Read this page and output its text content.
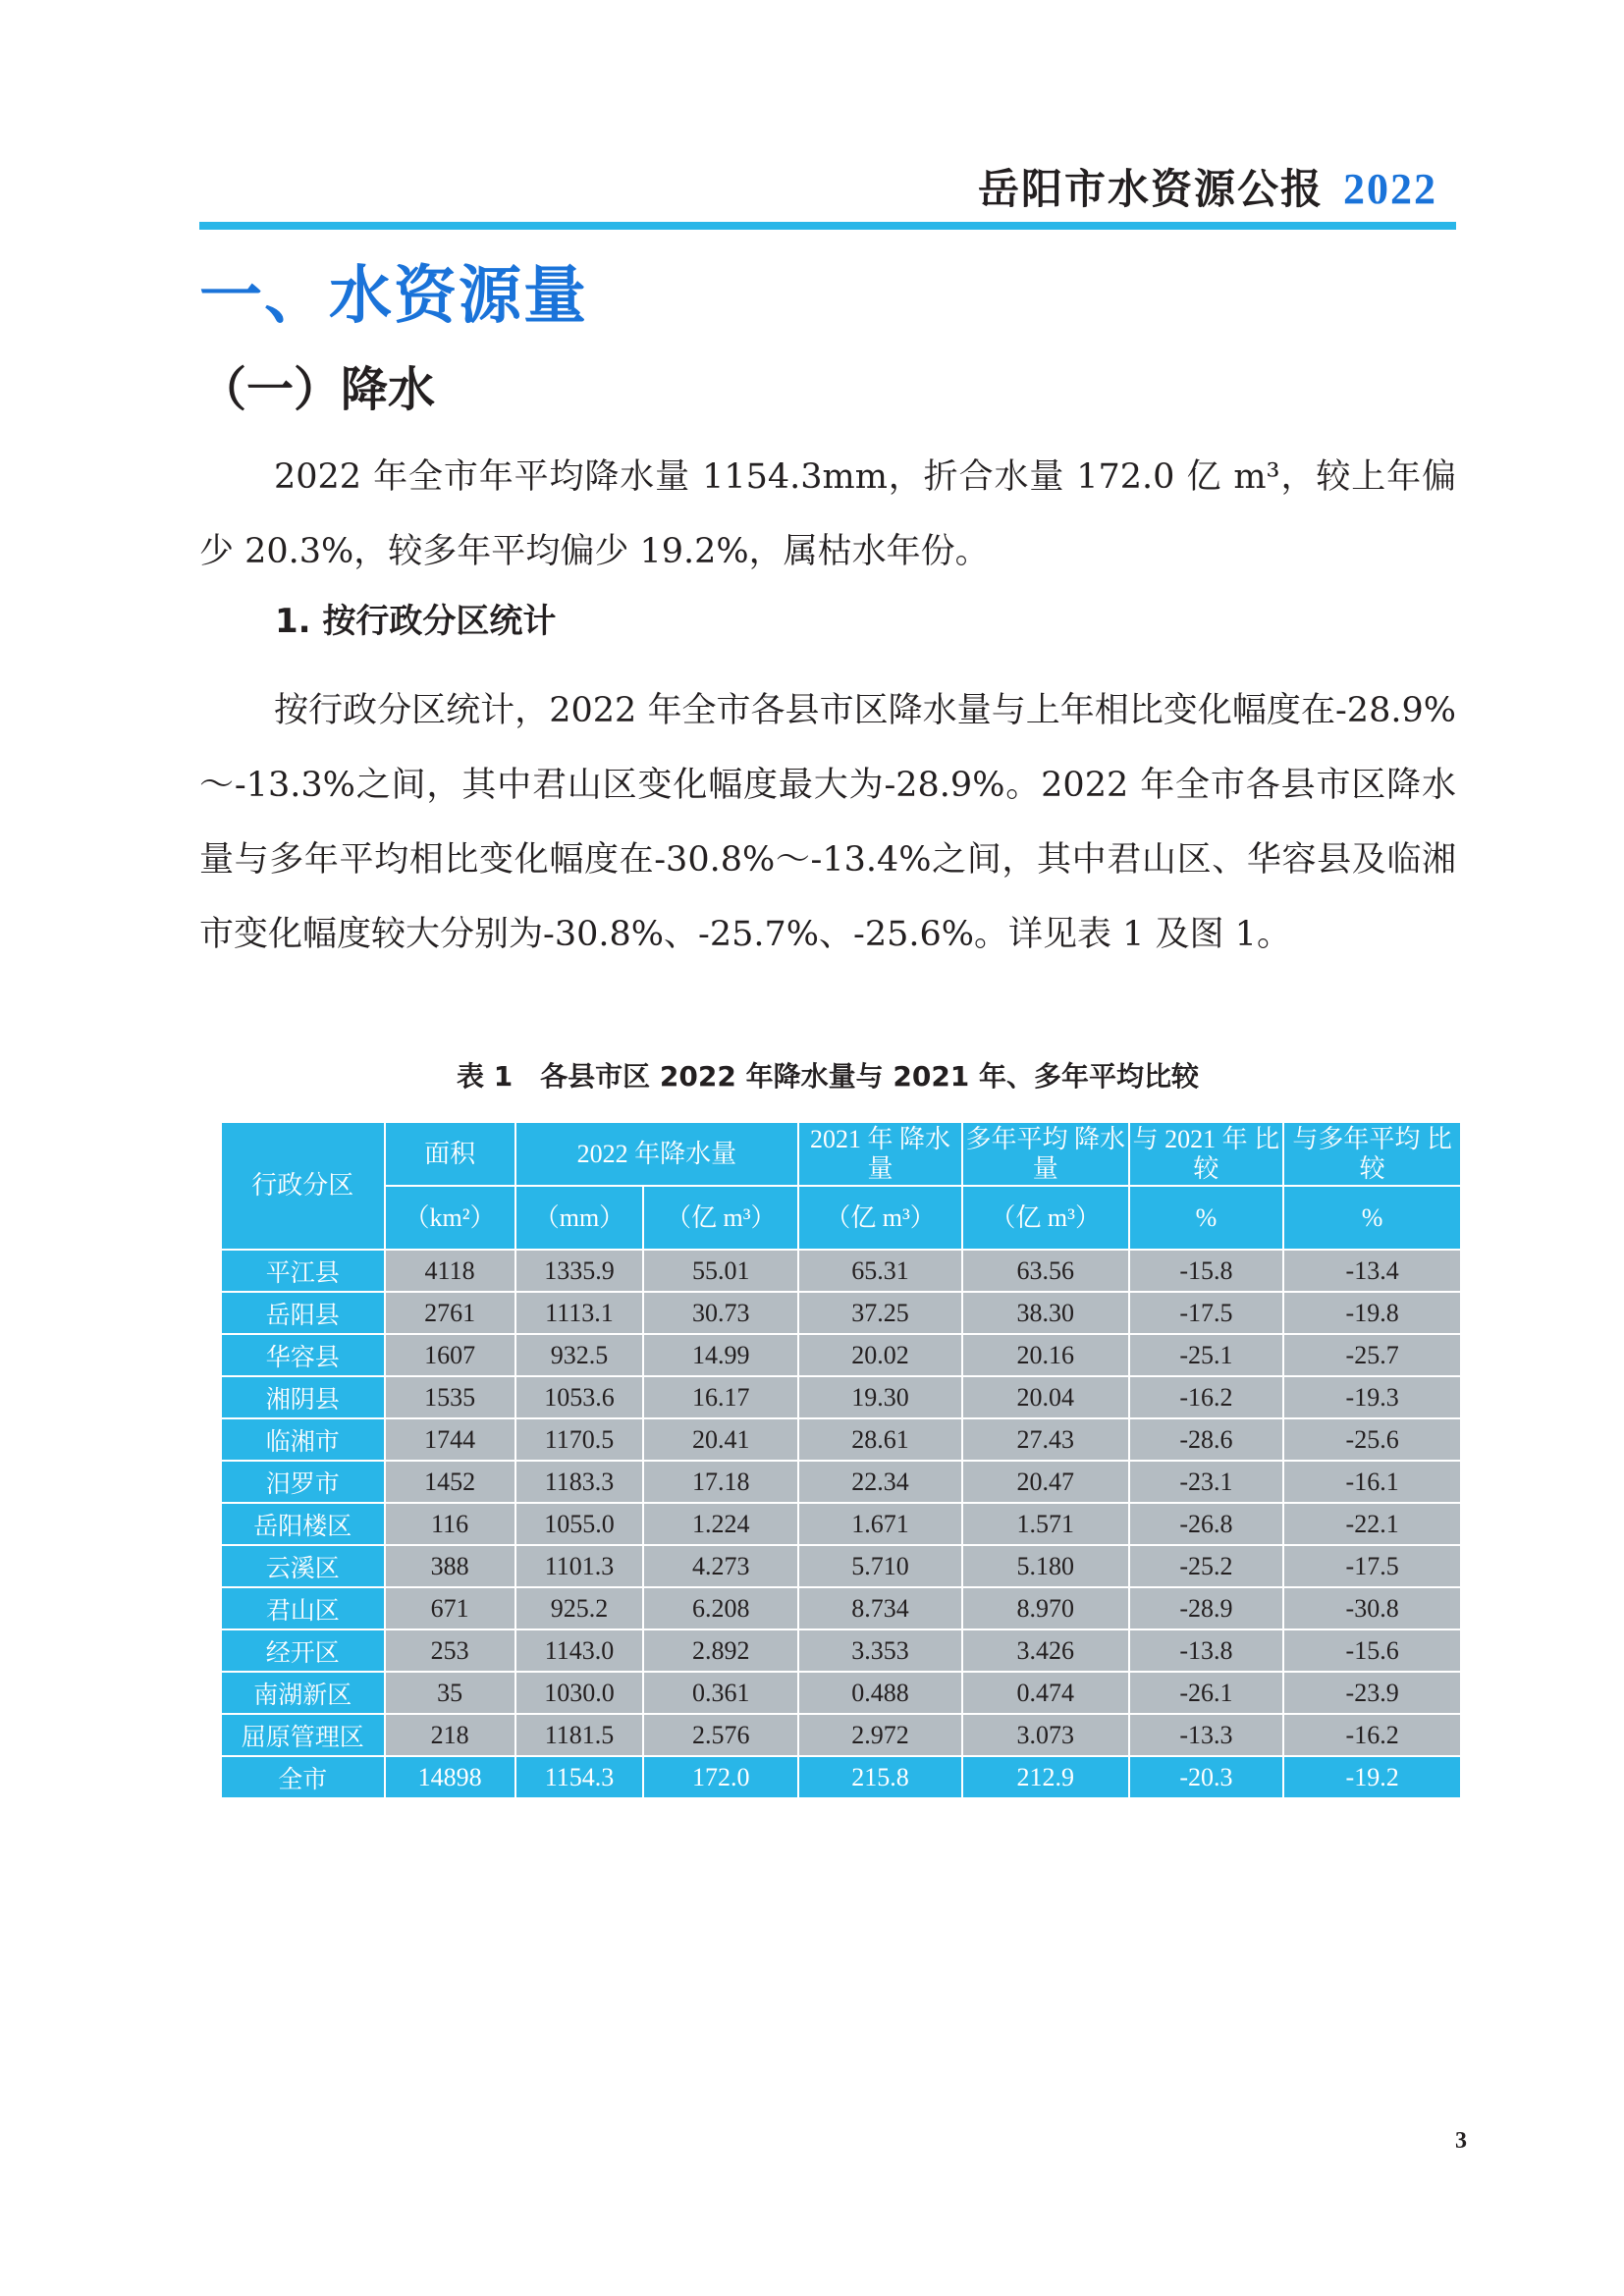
岳阳市水资源公报 2022
一、水资源量
（一）降水

2022 年全市年平均降水量 1154.3mm，折合水量 172.0 亿 m³，较上年偏少 20.3%，较多年平均偏少 19.2%，属枯水年份。

1. 按行政分区统计

按行政分区统计，2022 年全市各县市区降水量与上年相比变化幅度在-28.9%～-13.3%之间，其中君山区变化幅度最大为-28.9%。2022 年全市各县市区降水量与多年平均相比变化幅度在-30.8%～-13.4%之间，其中君山区、华容县及临湘市变化幅度较大分别为-30.8%、-25.7%、-25.6%。详见表 1 及图 1。

表 1　各县市区 2022 年降水量与 2021 年、多年平均比较
行政分区	面积	2022 年降水量		2021 年 降水量	多年平均 降水量	与 2021 年 比较	与多年平均 比较
	（km²）	（mm）	（亿 m³）	（亿 m³）	（亿 m³）	%	%
平江县	4118	1335.9	55.01	65.31	63.56	-15.8	-13.4
岳阳县	2761	1113.1	30.73	37.25	38.30	-17.5	-19.8
华容县	1607	932.5	14.99	20.02	20.16	-25.1	-25.7
湘阴县	1535	1053.6	16.17	19.30	20.04	-16.2	-19.3
临湘市	1744	1170.5	20.41	28.61	27.43	-28.6	-25.6
汨罗市	1452	1183.3	17.18	22.34	20.47	-23.1	-16.1
岳阳楼区	116	1055.0	1.224	1.671	1.571	-26.8	-22.1
云溪区	388	1101.3	4.273	5.710	5.180	-25.2	-17.5
君山区	671	925.2	6.208	8.734	8.970	-28.9	-30.8
经开区	253	1143.0	2.892	3.353	3.426	-13.8	-15.6
南湖新区	35	1030.0	0.361	0.488	0.474	-26.1	-23.9
屈原管理区	218	1181.5	2.576	2.972	3.073	-13.3	-16.2
全市	14898	1154.3	172.0	215.8	212.9	-20.3	-19.2
3
